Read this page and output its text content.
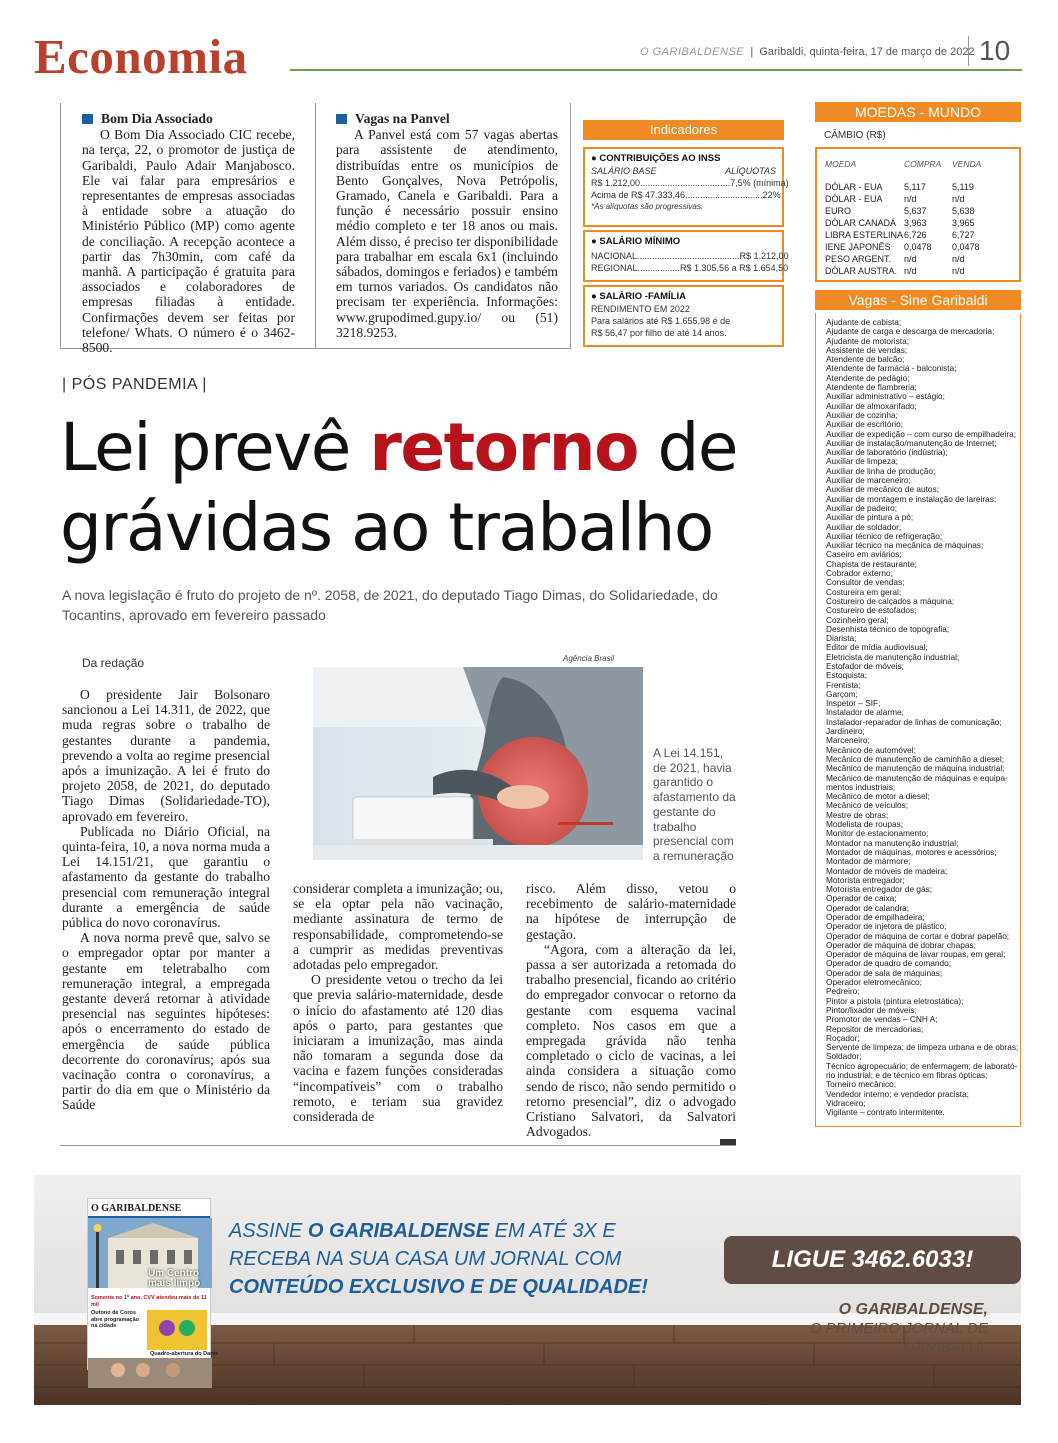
Economia	O GARIBALDENSE  |  Garibaldi, quinta-feira, 17 de março de 2022 10
Bom Dia Associado

O Bom Dia Associado CIC recebe, na terça, 22, o promotor de justiça de Garibaldi, Paulo Adair Manjabosco. Ele vai falar para empresários e representantes de empresas associadas à entidade sobre a atuação do Ministério Público (MP) como agente de conciliação. A recepção acontece a partir das 7h30min, com café da manhã. A participação é gratuita para associados e colaboradores de empresas filiadas à entidade. Confirmações devem ser feitas por telefone/ Whats. O número é o 3462-8500.

Vagas na Panvel

A Panvel está com 57 vagas abertas para assistente de atendimento, distribuídas entre os municípios de Bento Gonçalves, Nova Petrópolis, Gramado, Canela e Garibaldi. Para a função é necessário possuir ensino médio completo e ter 18 anos ou mais. Além disso, é preciso ter disponibilidade para trabalhar em escala 6x1 (incluindo sábados, domingos e feriados) e também em turnos variados. Os candidatos não precisam ter experiência. Informações: www.grupodimed.gupy.io/ ou (51) 3218.9253.

Indicadores
● CONTRIBUIÇÕES AO INSS
SALÁRIO BASE	ALÍQUOTAS
R$ 1.212,00.................................... 7,5% (mínima)
Acima de R$ 47.333,46............................... 22%
*As alíquotas são progressivas.
● SALÁRIO MÍNIMO
NACIONAL......................................... R$ 1.212,00
REGIONAL................. R$ 1.305,56 a R$ 1.654,50
● SALÁRIO -FAMÍLIA
RENDIMENTO EM 2022
Para salários até R$ 1.655,98 é de
R$ 56,47 por filho de até 14 anos.
MOEDAS - MUNDO
CÂMBIO (R$)
MOEDA	COMPRA	VENDA
DÓLAR - EUA	5,117	5,119
DÓLAR - EUA	n/d	n/d
EURO	5,637	5,638
DÓLAR CANADÁ 3,963	3,965
LIBRA ESTERLINA 6,726	6,727
IENE JAPONÊS	0,0478	0,0478
PESO ARGENT.	n/d	n/d
DÓLAR AUSTRA. n/d	n/d
Vagas - Sine Garibaldi
Ajudante de cabista;
Ajudante de carga e descarga de mercadoria;
Ajudante de motorista;
Assistente de vendas;
Atendente de balcão;
Atendente de farmácia - balconista;
Atendente de pedágio;
Atendente de flambreria;
Auxiliar administrativo – estágio;
Auxiliar de almoxarifado;
Auxiliar de cozinha;
Auxiliar de escritório;
Auxiliar de expedição – com curso de empilhadeira;
Auxiliar de instalação/manutenção de Internet;
Auxiliar de laboratório (indústria);
Auxiliar de limpeza;
Auxiliar de linha de produção;
Auxiliar de marceneiro;
Auxiliar de mecânico de autos;
Auxiliar de montagem e instalação de lareiras;
Auxiliar de padeiro;
Auxiliar de pintura a pó;
Auxiliar de soldador;
Auxiliar técnico de refrigeração;
Auxiliar técnico na mecânica de máquinas;
Caseiro em aviários;
Chapista de restaurante;
Cobrador externo;
Consultor de vendas;
Costureira em geral;
Costureiro de calçados a máquina;
Costureiro de estofados;
Cozinheiro geral;
Desenhista técnico de topografia;
Diarista;
Editor de mídia audiovisual;
Eletricista de manutenção industrial;
Estofador de móveis;
Estoquista;
Frentista;
Garçom;
Inspetor – SIF;
Instalador de alarme;
Instalador-reparador de linhas de comunicação;
Jardineiro;
Marceneiro;
Mecânico de automóvel;
Mecânico de manutenção de caminhão a diesel;
Mecânico de manutenção de máquina industrial;
Mecânico de manutenção de máquinas e equipa-
mentos industriais;
Mecânico de motor a diesel;
Mecânico de veículos;
Mestre de obras;
Modelista de roupas;
Monitor de estacionamento;
Montador na manutenção industrial;
Montador de máquinas, motores e acessórios;
Montador de mármore;
Montador de móveis de madeira;
Motorista entregador;
Motorista entregador de gás;
Operador de caixa;
Operador de calandra;
Operador de empilhadeira;
Operador de injetora de plástico;
Operador de máquina de cortar e dobrar papelão;
Operador de máquina de dobrar chapas;
Operador de máquina de lavar roupas, em geral;
Operador de quadro de comando;
Operador de sala de máquinas;
Operador eletromecânico;
Pedreiro;
Pintor a pistola (pintura eletrostática);
Pintor/lixador de móveis;
Promotor de vendas – CNH A;
Repositor de mercadorias;
Roçador;
Servente de limpeza; de limpeza urbana e de obras;
Soldador;
Técnico agropecuário; de enfermagem; de laborató-
rio industrial; e de técnico em fibras ópticas;
Torneiro mecânico;
Vendedor interno; e vendedor pracista;
Vidraceiro;
Vigilante – contrato intermitente.
| PÓS PANDEMIA |
Lei prevê retorno de grávidas ao trabalho
A nova legislação é fruto do projeto de nº. 2058, de 2021, do deputado Tiago Dimas, do Solidariedade, do Tocantins, aprovado em fevereiro passado
Da redação	Agência Brasil
A Lei 14.151, de 2021, havia garantido o afastamento da gestante do trabalho presencial com a remuneração

O presidente Jair Bolsonaro sancionou a Lei 14.311, de 2022, que muda regras sobre o trabalho de gestantes durante a pandemia, prevendo a volta ao regime presencial após a imunização. A lei é fruto do projeto 2058, de 2021, do deputado Tiago Dimas (Solidariedade-TO), aprovado em fevereiro.

Publicada no Diário Oficial, na quinta-feira, 10, a nova norma muda a Lei 14.151/21, que garantiu o afastamento da gestante do trabalho presencial com remuneração integral durante a emergência de saúde pública do novo coronavírus.

A nova norma prevê que, salvo se o empregador optar por manter a gestante em teletrabalho com remuneração integral, a empregada gestante deverá retornar à atividade presencial nas seguintes hipóteses: após o encerramento do estado de emergência de saúde pública decorrente do coronavírus; após sua vacinação contra o coronavírus, a partir do dia em que o Ministério da Saúde

considerar completa a imunização; ou, se ela optar pela não vacinação, mediante assinatura de termo de responsabilidade, comprometendo-se a cumprir as medidas preventivas adotadas pelo empregador.

O presidente vetou o trecho da lei que previa salário-maternidade, desde o início do afastamento até 120 dias após o parto, para gestantes que iniciaram a imunização, mas ainda não tomaram a segunda dose da vacina e fazem funções consideradas “incompatíveis” com o trabalho remoto, e teriam sua gravidez considerada de

risco. Além disso, vetou o recebimento de salário-maternidade na hipótese de interrupção de gestação.

“Agora, com a alteração da lei, passa a ser autorizada a retomada do trabalho presencial, ficando ao critério do empregador convocar o retorno da gestante com esquema vacinal completo. Nos casos em que a empregada grávida não tenha completado o ciclo de vacinas, a lei ainda considera a situação como sendo de risco, não sendo permitido o retorno presencial”, diz o advogado Cristiano Salvatori, da Salvatori Advogados.

O GARIBALDENSE
Um Centro mais limpo
Somente no 1º ano, CVV atendeu mais de 11 mil
Outono de Coros abre programação na cidade
Quadro-abertura do Dante
ASSINE O GARIBALDENSE EM ATÉ 3X E
RECEBA NA SUA CASA UM JORNAL COM
CONTEÚDO EXCLUSIVO E DE QUALIDADE!
LIGUE 3462.6033!
O GARIBALDENSE,
O PRIMEIRO JORNAL DE GARIBALDI.
